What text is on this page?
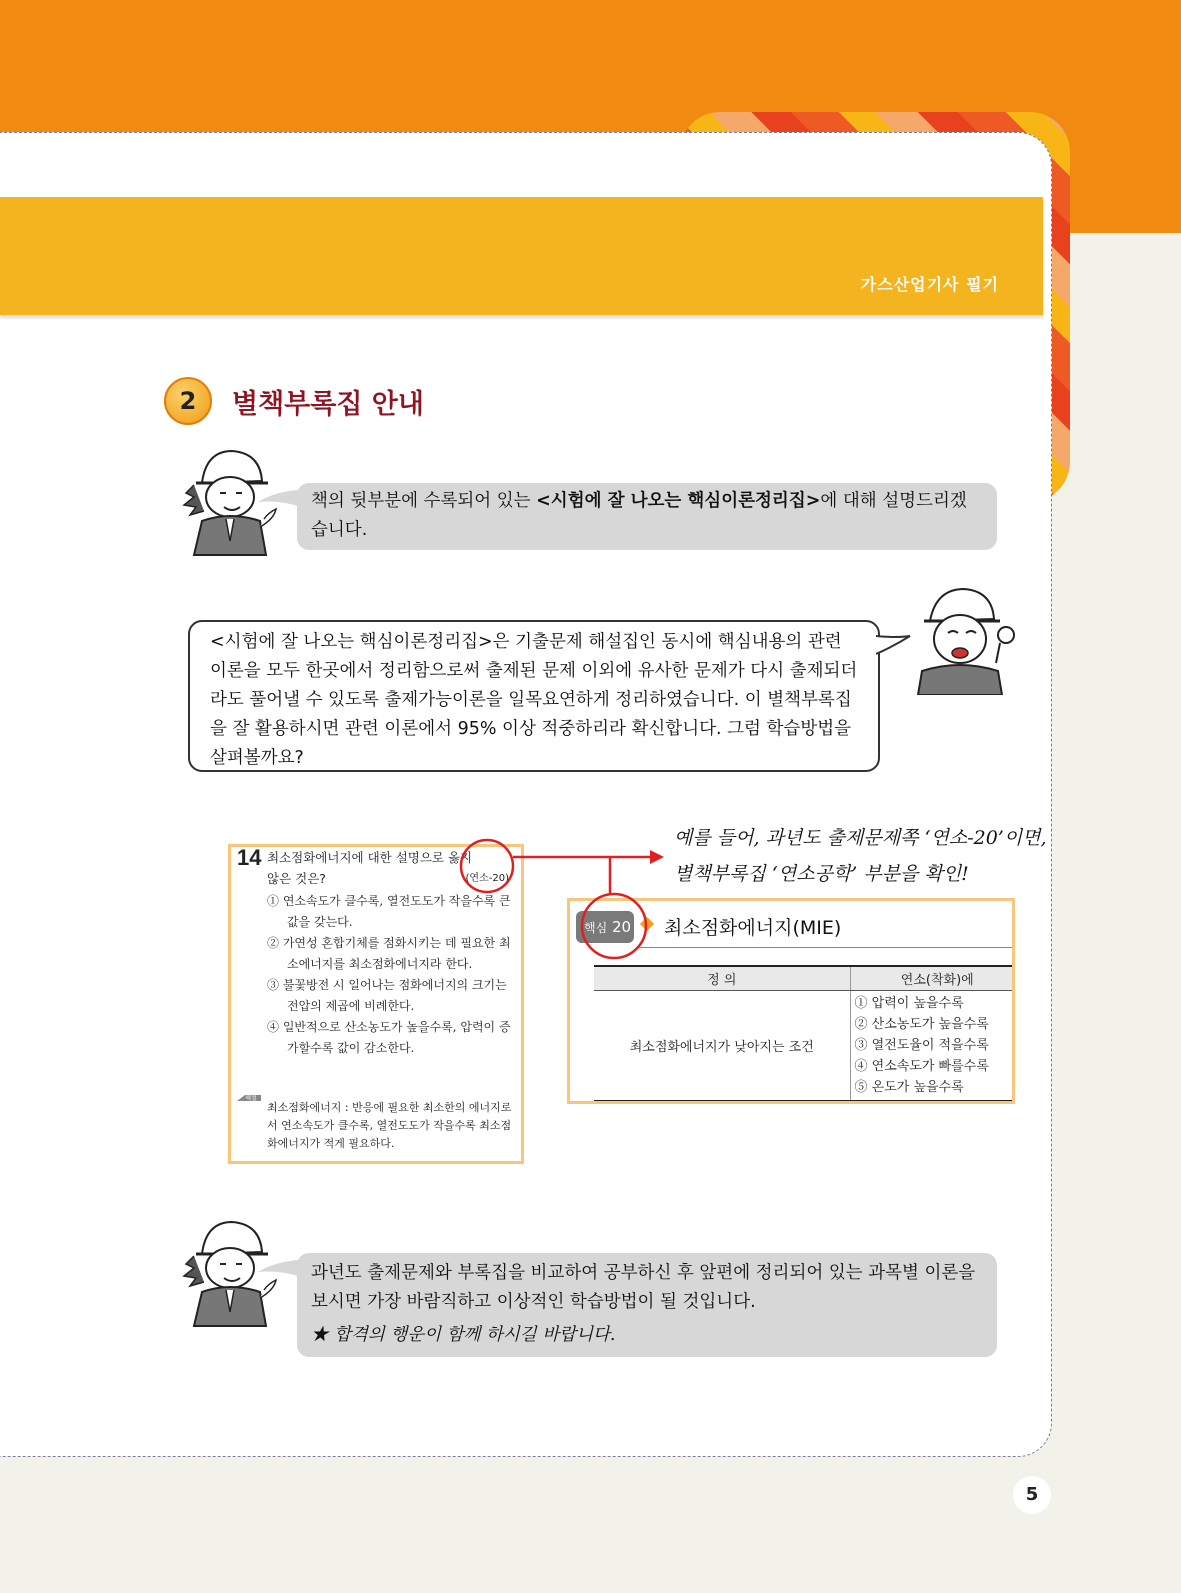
가스산업기사 필기
2	별책부록집 안내
책의 뒷부분에 수록되어 있는 <시험에 잘 나오는 핵심이론정리집>에 대해 설명드리겠습니다.
<시험에 잘 나오는 핵심이론정리집>은 기출문제 해설집인 동시에 핵심내용의 관련 이론을 모두 한곳에서 정리함으로써 출제된 문제 이외에 유사한 문제가 다시 출제되더라도 풀어낼 수 있도록 출제가능이론을 일목요연하게 정리하였습니다. 이 별책부록집을 잘 활용하시면 관련 이론에서 95% 이상 적중하리라 확신합니다. 그럼 학습방법을 살펴볼까요?
14 최소점화에너지에 대한 설명으로 옳지 않은 것은?	(연소-20)
① 연소속도가 클수록, 열전도도가 작을수록 큰 값을 갖는다.
② 가연성 혼합기체를 점화시키는 데 필요한 최소에너지를 최소점화에너지라 한다.
③ 불꽃방전 시 일어나는 점화에너지의 크기는 전압의 제곱에 비례한다.
④ 일반적으로 산소농도가 높을수록, 압력이 증가할수록 값이 감소한다.
해설
최소점화에너지 : 반응에 필요한 최소한의 에너지로서 연소속도가 클수록, 열전도도가 작을수록 최소점화에너지가 적게 필요하다.
핵심 20 최소점화에너지(MIE)
정 의	연소(착화)에
최소점화에너지가 낮아지는 조건	① 압력이 높을수록
② 산소농도가 높을수록
③ 열전도율이 적을수록
④ 연소속도가 빠를수록
⑤ 온도가 높을수록
예를 들어, 과년도 출제문제쪽 ‘연소-20’이면,
별책부록집 ‘연소공학’ 부분을 확인!
과년도 출제문제와 부록집을 비교하여 공부하신 후 앞편에 정리되어 있는 과목별 이론을 보시면 가장 바람직하고 이상적인 학습방법이 될 것입니다.
★ 합격의 행운이 함께 하시길 바랍니다.
5
